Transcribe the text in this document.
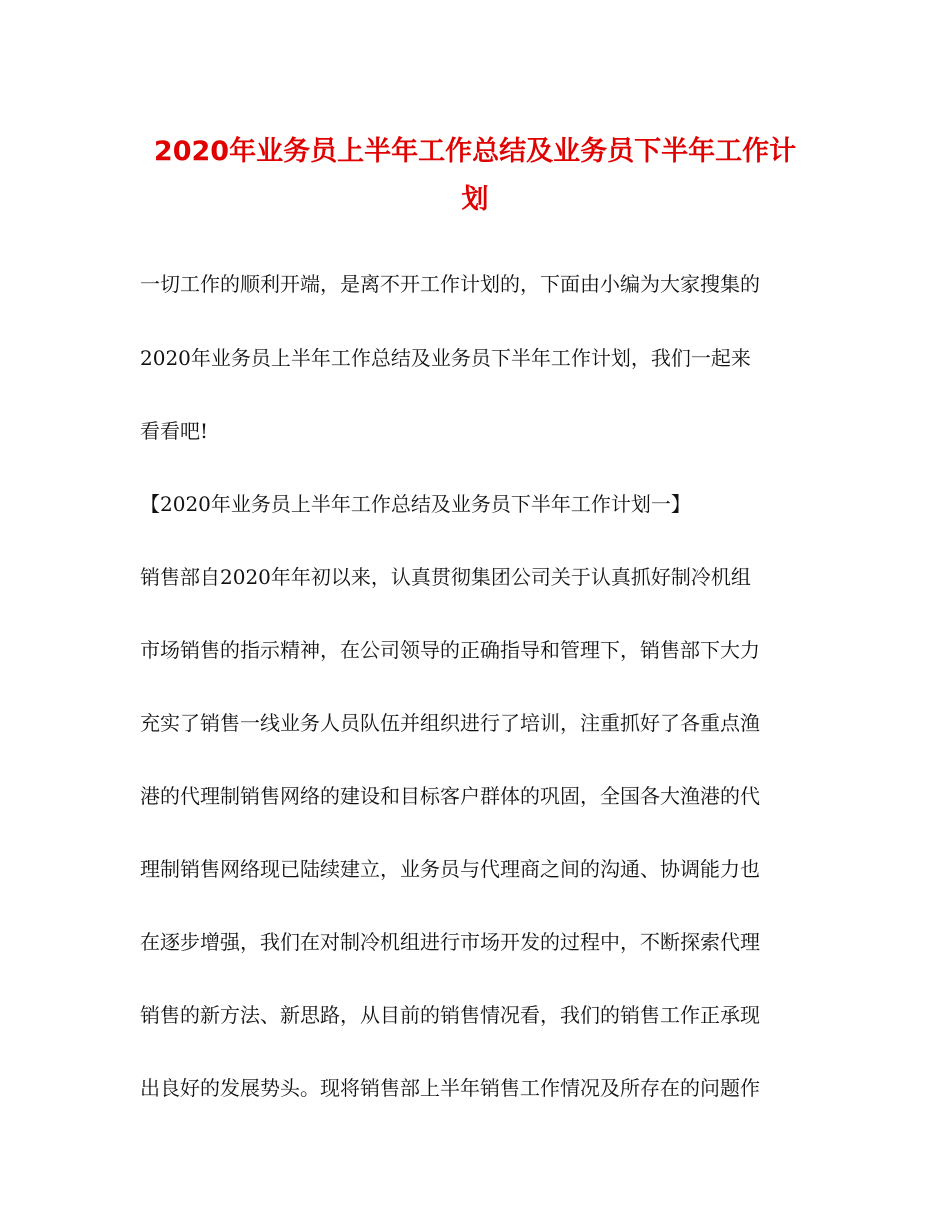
2020年业务员上半年工作总结及业务员下半年工作计
划

一切工作的顺利开端，是离不开工作计划的，下面由小编为大家搜集的

2020年业务员上半年工作总结及业务员下半年工作计划，我们一起来

看看吧!

【2020年业务员上半年工作总结及业务员下半年工作计划一】

销售部自2020年年初以来，认真贯彻集团公司关于认真抓好制冷机组

市场销售的指示精神，在公司领导的正确指导和管理下，销售部下大力

充实了销售一线业务人员队伍并组织进行了培训，注重抓好了各重点渔

港的代理制销售网络的建设和目标客户群体的巩固，全国各大渔港的代

理制销售网络现已陆续建立，业务员与代理商之间的沟通、协调能力也

在逐步增强，我们在对制冷机组进行市场开发的过程中，不断探索代理

销售的新方法、新思路，从目前的销售情况看，我们的销售工作正承现

出良好的发展势头。现将销售部上半年销售工作情况及所存在的问题作
